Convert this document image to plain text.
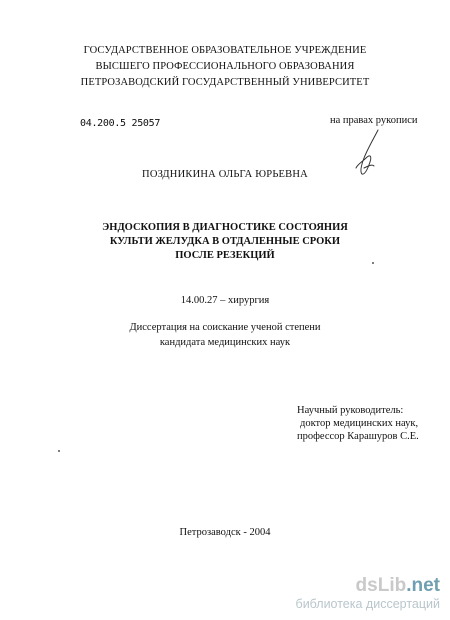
ГОСУДАРСТВЕННОЕ ОБРАЗОВАТЕЛЬНОЕ УЧРЕЖДЕНИЕ
ВЫСШЕГО ПРОФЕССИОНАЛЬНОГО ОБРАЗОВАНИЯ
ПЕТРОЗАВОДСКИЙ ГОСУДАРСТВЕННЫЙ УНИВЕРСИТЕТ
04.200.5 25057	на правах рукописи
ПОЗДНИКИНА ОЛЬГА ЮРЬЕВНА
ЭНДОСКОПИЯ В ДИАГНОСТИКЕ СОСТОЯНИЯ
КУЛЬТИ ЖЕЛУДКА В ОТДАЛЕННЫЕ СРОКИ
ПОСЛЕ РЕЗЕКЦИЙ
14.00.27 – хирургия
Диссертация на соискание ученой степени
кандидата медицинских наук
Научный руководитель:
доктор медицинских наук,
профессор Карашуров С.Е.
Петрозаводск - 2004
dsLib.net
библиотека диссертаций
